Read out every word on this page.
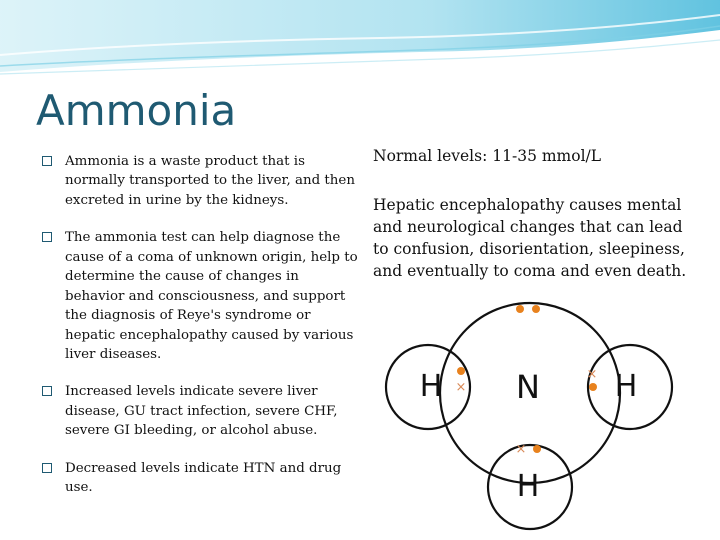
Ammonia
Ammonia is a waste product that is normally transported to the liver, and then excreted in urine by the kidneys.
The ammonia test can help diagnose the cause of a coma of unknown origin, help to determine the cause of changes in behavior and consciousness, and support the diagnosis of Reye's syndrome or hepatic encephalopathy caused by various liver diseases.
Increased levels indicate severe liver disease, GU tract infection, severe CHF, severe GI bleeding, or alcohol abuse.
Decreased levels indicate HTN and drug use.

Normal levels: 11-35 mmol/L

Hepatic encephalopathy causes mental and neurological changes that can lead to confusion, disorientation, sleepiness, and eventually to coma and even death.

H N H
H
×
×
×
